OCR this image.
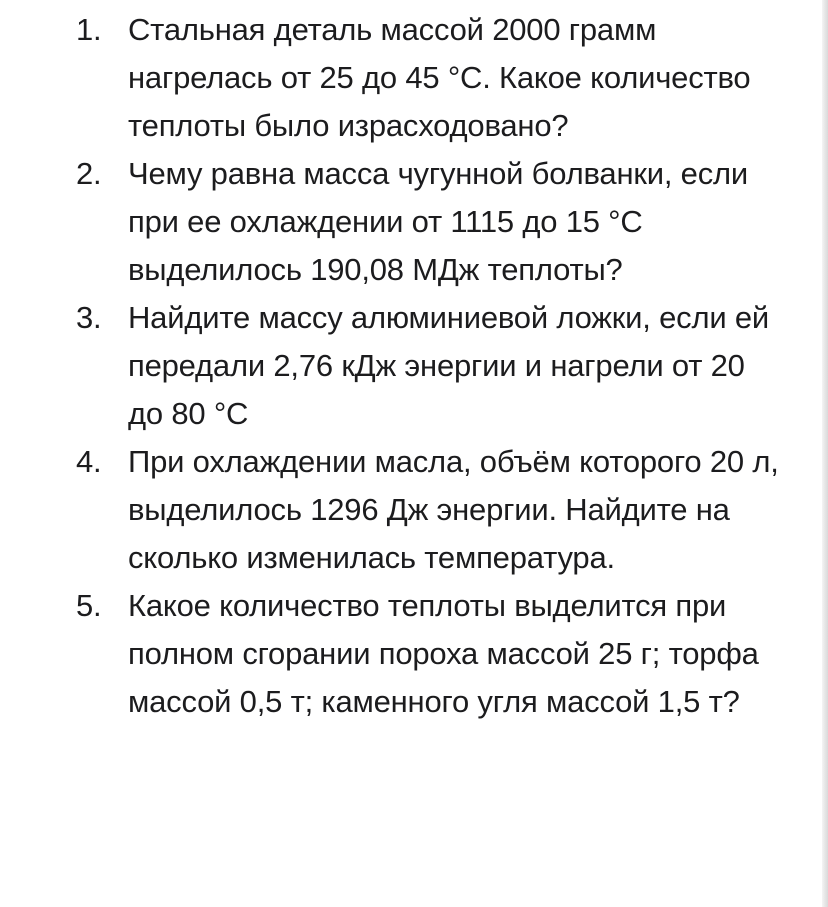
1. Стальная деталь массой 2000 грамм нагрелась от 25 до 45 °С. Какое количество теплоты было израсходовано?
2. Чему равна масса чугунной болванки, если при ее охлаждении от 1115 до 15 °С выделилось 190,08 МДж теплоты?
3. Найдите массу алюминиевой ложки, если ей передали 2,76 кДж энергии и нагрели от 20 до 80 °С
4. При охлаждении масла, объём которого 20 л, выделилось 1296 Дж энергии. Найдите на сколько изменилась температура.
5. Какое количество теплоты выделится при полном сгорании пороха массой 25 г; торфа массой 0,5 т; каменного угля массой 1,5 т?
